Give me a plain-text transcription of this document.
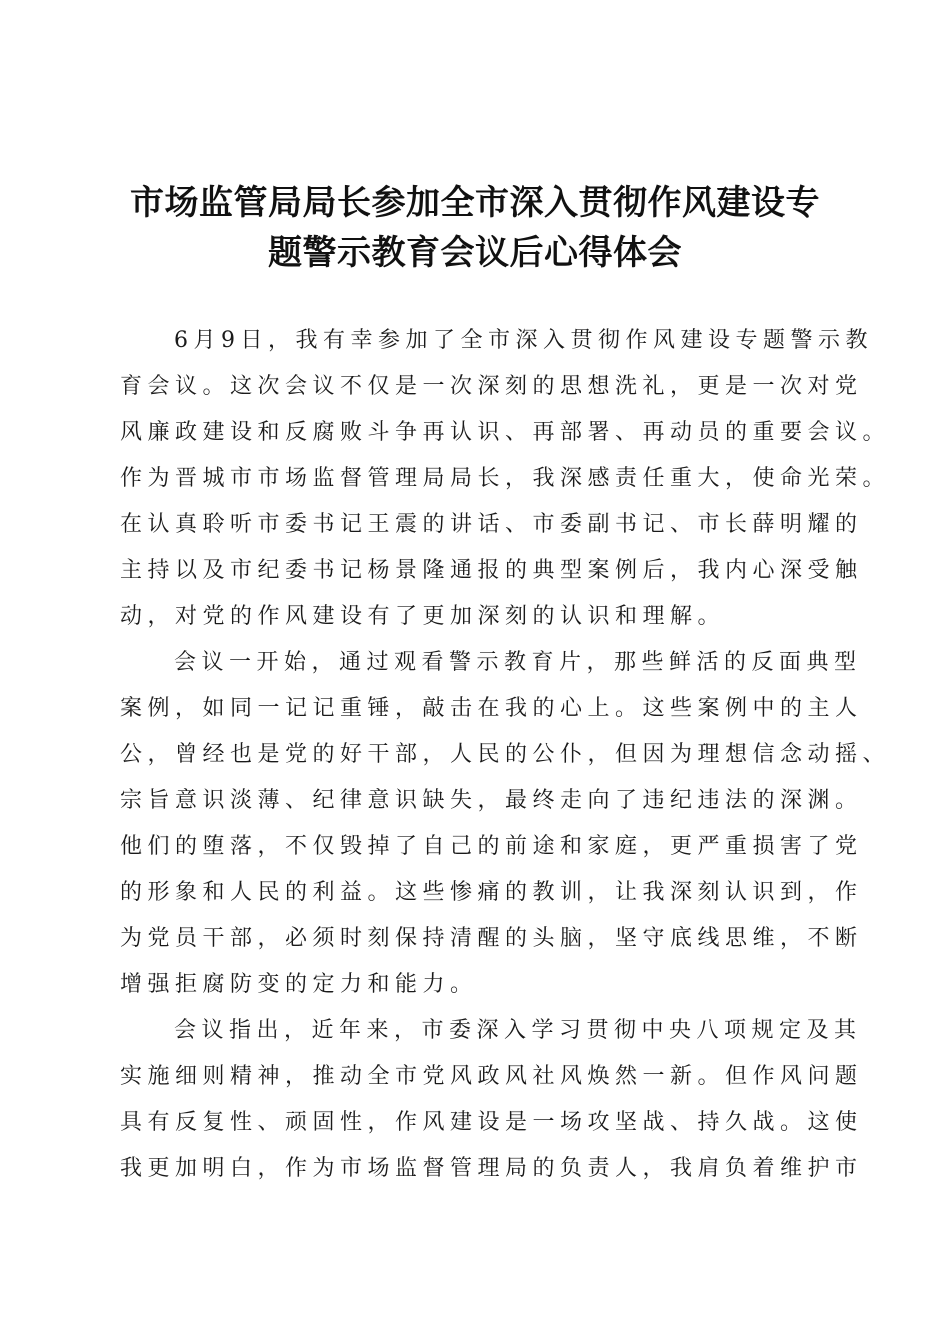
市场监管局局长参加全市深入贯彻作风建设专
题警示教育会议后心得体会
6月9日，我有幸参加了全市深入贯彻作风建设专题警示教
育会议。这次会议不仅是一次深刻的思想洗礼，更是一次对党
风廉政建设和反腐败斗争再认识、再部署、再动员的重要会议。
作为晋城市市场监督管理局局长，我深感责任重大，使命光荣。
在认真聆听市委书记王震的讲话、市委副书记、市长薛明耀的
主持以及市纪委书记杨景隆通报的典型案例后，我内心深受触
动，对党的作风建设有了更加深刻的认识和理解。
会议一开始，通过观看警示教育片，那些鲜活的反面典型
案例，如同一记记重锤，敲击在我的心上。这些案例中的主人
公，曾经也是党的好干部，人民的公仆，但因为理想信念动摇、
宗旨意识淡薄、纪律意识缺失，最终走向了违纪违法的深渊。
他们的堕落，不仅毁掉了自己的前途和家庭，更严重损害了党
的形象和人民的利益。这些惨痛的教训，让我深刻认识到，作
为党员干部，必须时刻保持清醒的头脑，坚守底线思维，不断
增强拒腐防变的定力和能力。
会议指出，近年来，市委深入学习贯彻中央八项规定及其
实施细则精神，推动全市党风政风社风焕然一新。但作风问题
具有反复性、顽固性，作风建设是一场攻坚战、持久战。这使
我更加明白，作为市场监督管理局的负责人，我肩负着维护市
